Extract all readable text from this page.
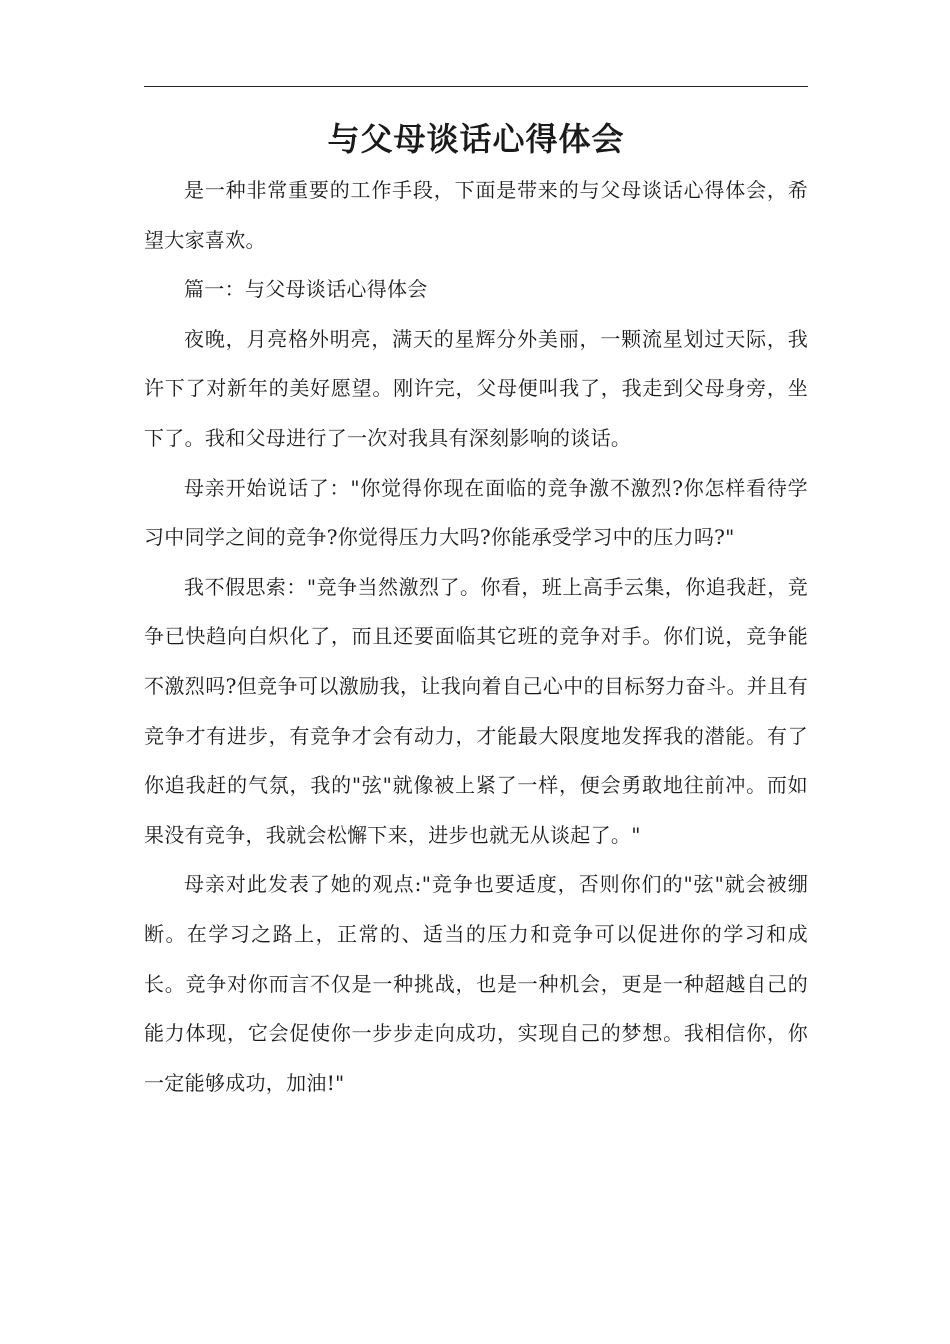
与父母谈话心得体会

是一种非常重要的工作手段，下面是带来的与父母谈话心得体会，希望大家喜欢。

篇一：与父母谈话心得体会

夜晚，月亮格外明亮，满天的星辉分外美丽，一颗流星划过天际，我许下了对新年的美好愿望。刚许完，父母便叫我了，我走到父母身旁，坐下了。我和父母进行了一次对我具有深刻影响的谈话。

母亲开始说话了："你觉得你现在面临的竞争激不激烈?你怎样看待学习中同学之间的竞争?你觉得压力大吗?你能承受学习中的压力吗?"

我不假思索："竞争当然激烈了。你看，班上高手云集，你追我赶，竞争已快趋向白炽化了，而且还要面临其它班的竞争对手。你们说，竞争能不激烈吗?但竞争可以激励我，让我向着自己心中的目标努力奋斗。并且有竞争才有进步，有竞争才会有动力，才能最大限度地发挥我的潜能。有了你追我赶的气氛，我的"弦"就像被上紧了一样，便会勇敢地往前冲。而如果没有竞争，我就会松懈下来，进步也就无从谈起了。"

母亲对此发表了她的观点:"竞争也要适度，否则你们的"弦"就会被绷断。在学习之路上，正常的、适当的压力和竞争可以促进你的学习和成长。竞争对你而言不仅是一种挑战，也是一种机会，更是一种超越自己的能力体现，它会促使你一步步走向成功，实现自己的梦想。我相信你，你一定能够成功，加油!"
